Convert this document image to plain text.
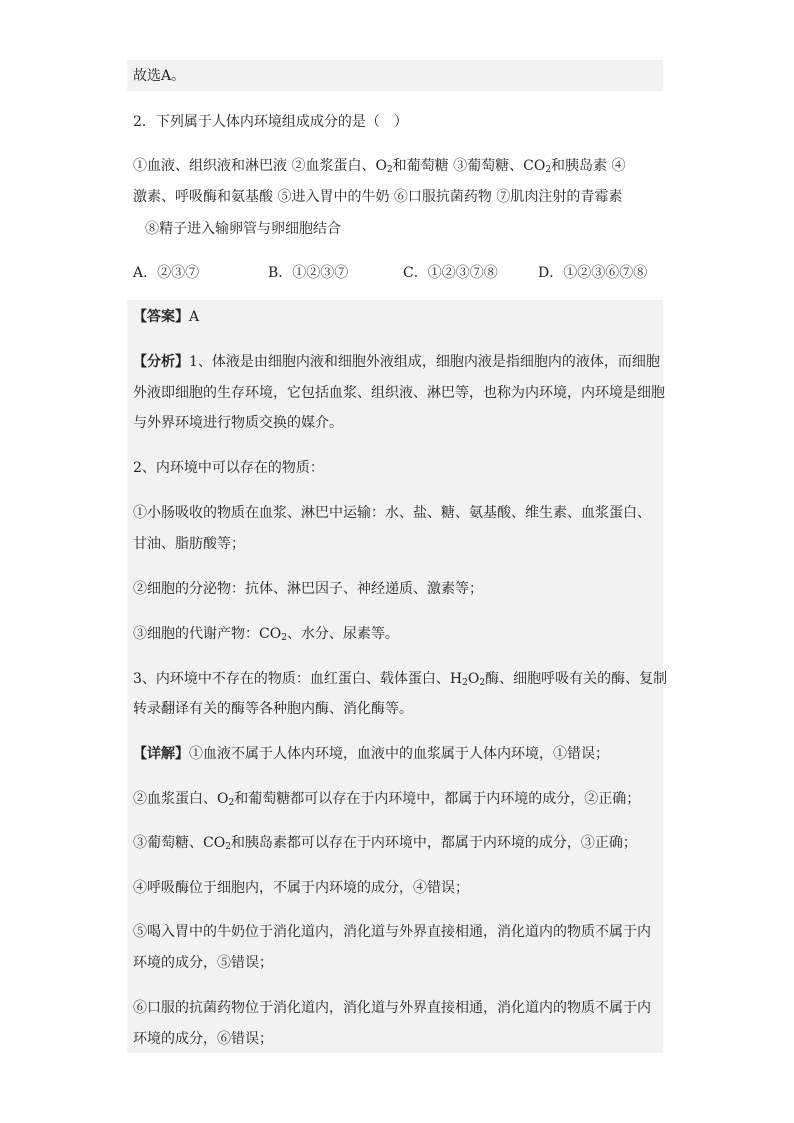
故选A。
2．下列属于人体内环境组成成分的是（　）
①血液、组织液和淋巴液 ②血浆蛋白、$O_2$和葡萄糖 ③葡萄糖、$CO_2$和胰岛素 ④
激素、呼吸酶和氨基酸 ⑤进入胃中的牛奶 ⑥口服抗菌药物 ⑦肌肉注射的青霉素
⑧精子进入输卵管与卵细胞结合
A．②③⑦	B．①②③⑦	C．①②③⑦⑧	D．①②③⑥⑦⑧
【答案】A
【分析】1、体液是由细胞内液和细胞外液组成，细胞内液是指细胞内的液体，而细胞
外液即细胞的生存环境，它包括血浆、组织液、淋巴等，也称为内环境，内环境是细胞
与外界环境进行物质交换的媒介。
2、内环境中可以存在的物质：
①小肠吸收的物质在血浆、淋巴中运输：水、盐、糖、氨基酸、维生素、血浆蛋白、
甘油、脂肪酸等；
②细胞的分泌物：抗体、淋巴因子、神经递质、激素等；
③细胞的代谢产物：$CO_2$、水分、尿素等。
3、内环境中不存在的物质：血红蛋白、载体蛋白、$H_2O_2$酶、细胞呼吸有关的酶、复制
转录翻译有关的酶等各种胞内酶、消化酶等。
【详解】①血液不属于人体内环境，血液中的血浆属于人体内环境，①错误；
②血浆蛋白、$O_2$和葡萄糖都可以存在于内环境中，都属于内环境的成分，②正确；
③葡萄糖、$CO_2$和胰岛素都可以存在于内环境中，都属于内环境的成分，③正确；
④呼吸酶位于细胞内，不属于内环境的成分，④错误；
⑤喝入胃中的牛奶位于消化道内，消化道与外界直接相通，消化道内的物质不属于内
环境的成分，⑤错误；
⑥口服的抗菌药物位于消化道内，消化道与外界直接相通，消化道内的物质不属于内
环境的成分，⑥错误；
